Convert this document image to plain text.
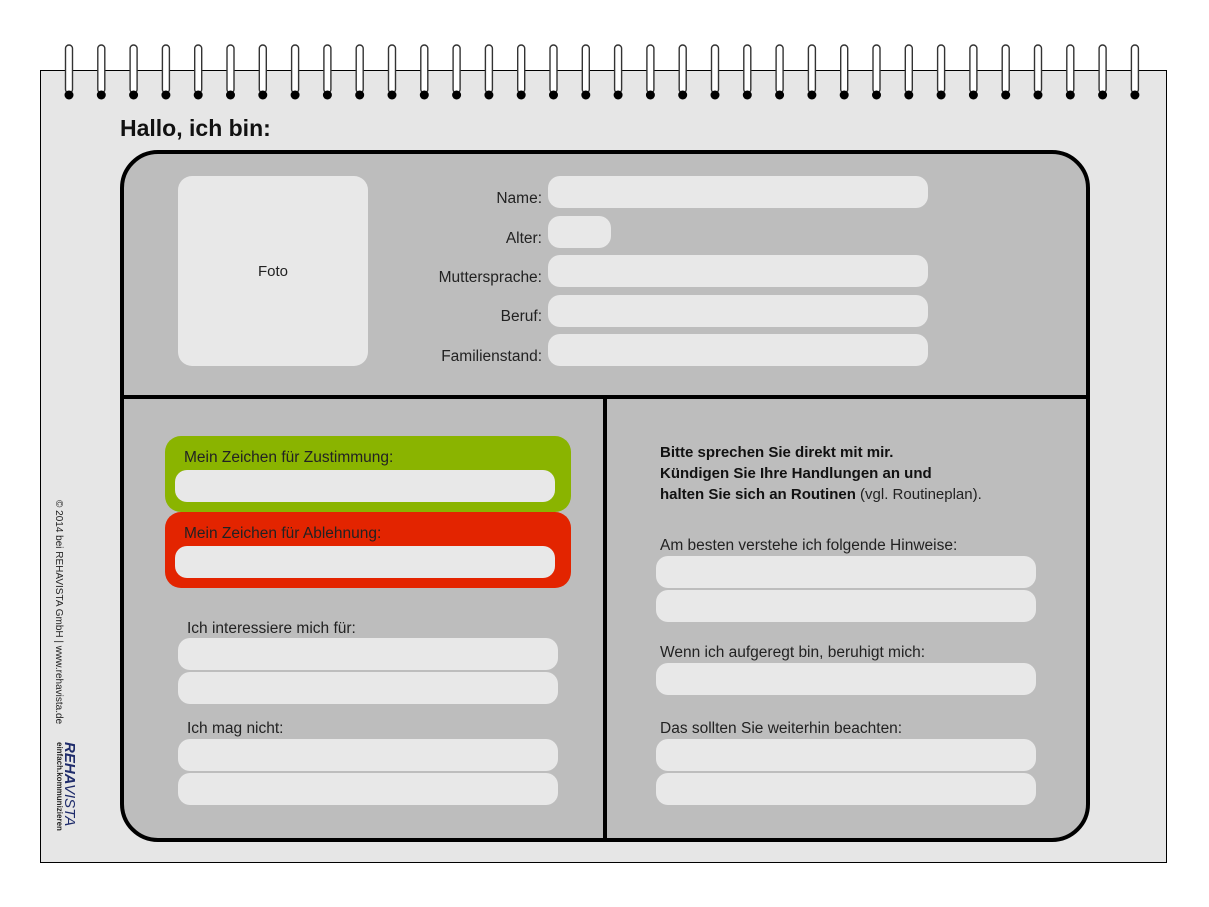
Hallo, ich bin:
Foto
Name:
Alter:
Muttersprache:
Beruf:
Familienstand:
Mein Zeichen für Zustimmung:
Mein Zeichen für Ablehnung:
Ich interessiere mich für:
Ich mag nicht:
Bitte sprechen Sie direkt mit mir.
Kündigen Sie Ihre Handlungen an und
halten Sie sich an Routinen (vgl. Routineplan).
Am besten verstehe ich folgende Hinweise:
Wenn ich aufgeregt bin, beruhigt mich:
Das sollten Sie weiterhin beachten:
© 2014 bei REHAVISTA GmbH | www.rehavista.de
einfach.kommunizieren
REHA
VISTA
